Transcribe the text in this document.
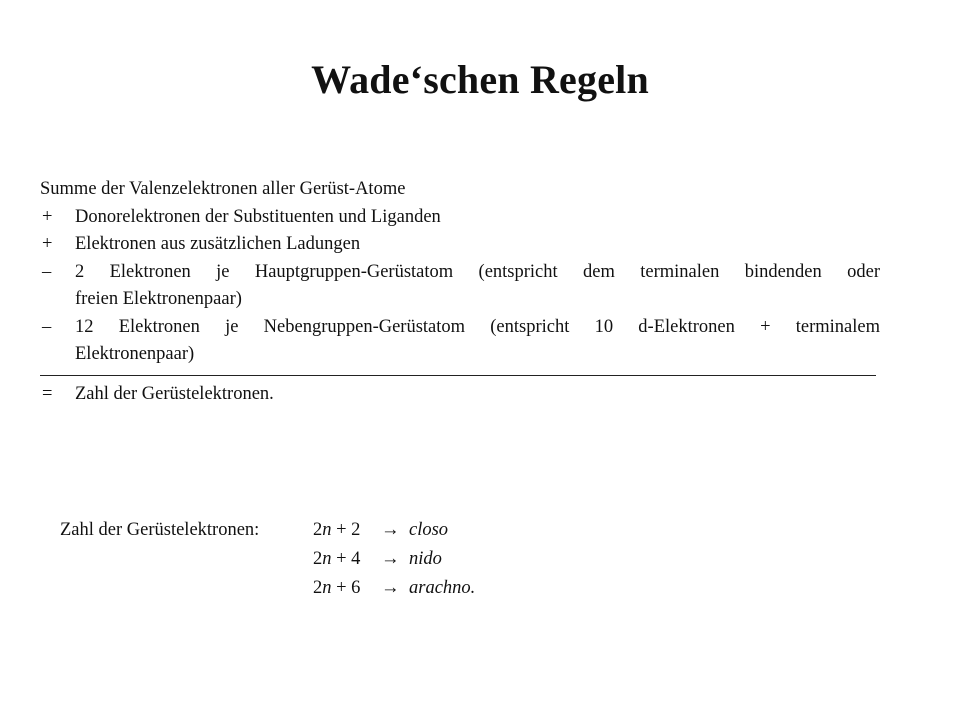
Wade‘schen Regeln
Summe der Valenzelektronen aller Gerüst-Atome
+	Donorelektronen der Substituenten und Liganden
+	Elektronen aus zusätzlichen Ladungen
–	2 Elektronen je Hauptgruppen-Gerüstatom (entspricht dem terminalen bindenden oder
freien Elektronenpaar)
–	12 Elektronen je Nebengruppen-Gerüstatom (entspricht 10 d-Elektronen + terminalem
Elektronenpaar)
=	Zahl der Gerüstelektronen.
Zahl der Gerüstelektronen:	2n + 2	→ closo
2n + 4	→ nido
2n + 6	→ arachno.
